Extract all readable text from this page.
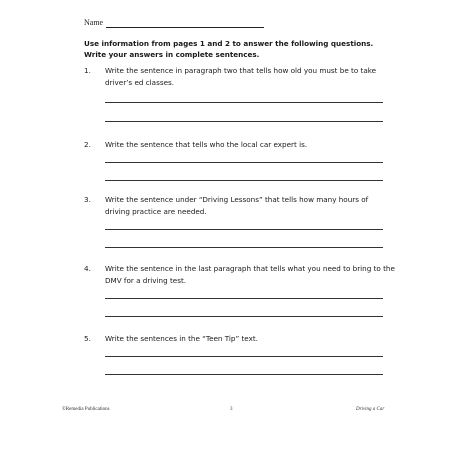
Name
Use information from pages 1 and 2 to answer the following questions.
Write your answers in complete sentences.
1. Write the sentence in paragraph two that tells how old you must be to take driver’s ed classes.
2. Write the sentence that tells who the local car expert is.
3. Write the sentence under “Driving Lessons” that tells how many hours of driving practice are needed.
4. Write the sentence in the last paragraph that tells what you need to bring to the DMV for a driving test.
5. Write the sentences in the “Teen Tip” text.
©Remedia Publications	3	Driving a Car
